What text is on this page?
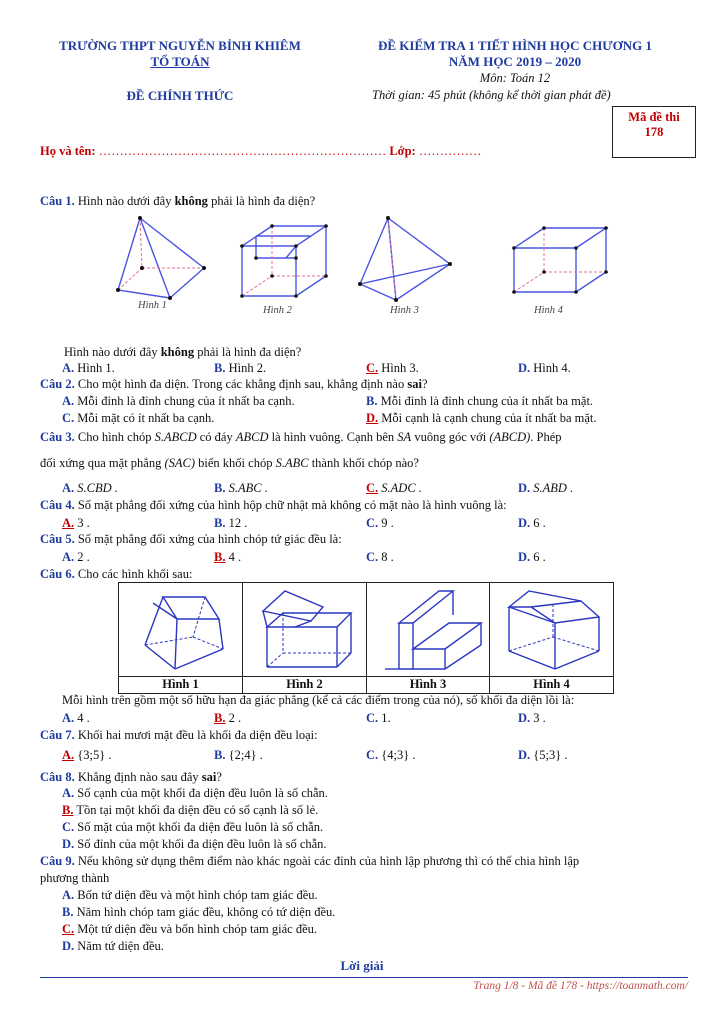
TRƯỜNG THPT NGUYỄN BỈNH KHIÊM
TỔ TOÁN
ĐỀ CHÍNH THỨC
ĐỀ KIỂM TRA 1 TIẾT HÌNH HỌC CHƯƠNG 1
NĂM HỌC 2019 – 2020
Môn: Toán 12
Thời gian: 45 phút (không kể thời gian phát đề)
Mã đề thi
178
Họ và tên: …………………………………………………………… Lớp: ……………
Câu 1. Hình nào dưới đây không phải là hình đa diện?
Hình 1	Hình 2	Hình 3	Hình 4
Hình nào dưới đây không phải là hình đa diện?
A. Hình 1.	B. Hình 2.	C. Hình 3.	D. Hình 4.
Câu 2. Cho một hình đa diện. Trong các khẳng định sau, khẳng định nào sai?
A. Mỗi đỉnh là đỉnh chung của ít nhất ba cạnh.	B. Mỗi đỉnh là đỉnh chung của ít nhất ba mặt.
C. Mỗi mặt có ít nhất ba cạnh.	D. Mỗi cạnh là cạnh chung của ít nhất ba mặt.
Câu 3. Cho hình chóp S.ABCD có đáy ABCD là hình vuông. Cạnh bên SA vuông góc với (ABCD). Phép
đối xứng qua mặt phẳng (SAC) biến khối chóp S.ABC thành khối chóp nào?
A. S.CBD .	B. S.ABC .	C. S.ADC .	D. S.ABD .
Câu 4. Số mặt phẳng đối xứng của hình hộp chữ nhật mà không có mặt nào là hình vuông là:
A. 3 .	B. 12 .	C. 9 .	D. 6 .
Câu 5. Số mặt phẳng đối xứng của hình chóp tứ giác đều là:
A. 2 .	B. 4 .	C. 8 .	D. 6 .
Câu 6. Cho các hình khối sau:
Hình 1	Hình 2	Hình 3	Hình 4
Mỗi hình trên gồm một số hữu hạn đa giác phẳng (kể cả các điểm trong của nó), số khối đa diện lồi là:
A. 4 .	B. 2 .	C. 1.	D. 3 .
Câu 7. Khối hai mươi mặt đều là khối đa diện đều loại:
A. {3;5} .	B. {2;4} .	C. {4;3} .	D. {5;3} .
Câu 8. Khẳng định nào sau đây sai?
A. Số cạnh của một khối đa diện đều luôn là số chẵn.
B. Tồn tại một khối đa diện đều có số cạnh là số lẻ.
C. Số mặt của một khối đa diện đều luôn là số chẵn.
D. Số đỉnh của một khối đa diện đều luôn là số chẵn.
Câu 9. Nếu không sử dụng thêm điểm nào khác ngoài các đỉnh của hình lập phương thì có thể chia hình lập
phương thành
A. Bốn tứ diện đều và một hình chóp tam giác đều.
B. Năm hình chóp tam giác đều, không có tứ diện đều.
C. Một tứ diện đều và bốn hình chóp tam giác đều.
D. Năm tứ diện đều.
Lời giải
Trang 1/8 - Mã đề 178 - https://toanmath.com/
